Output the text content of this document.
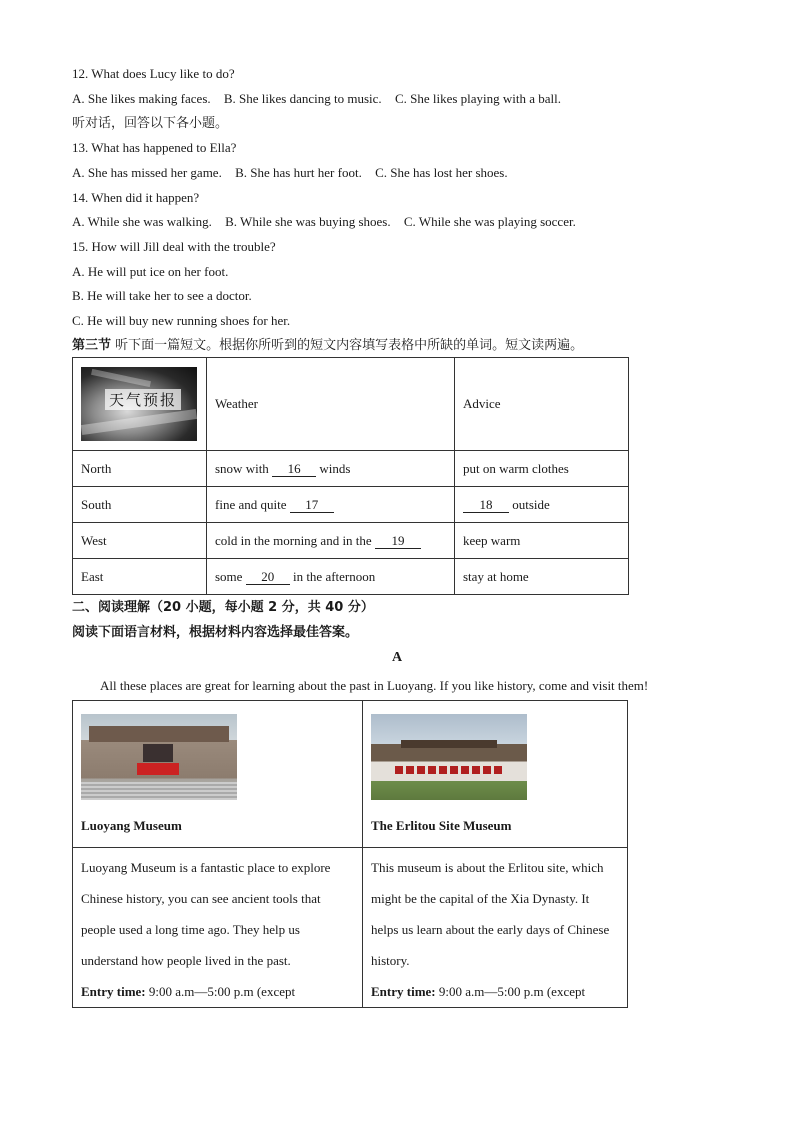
12. What does Lucy like to do?
A. She likes making faces. B. She likes dancing to music. C. She likes playing with a ball.
听对话，回答以下各小题。
13. What has happened to Ella?
A. She has missed her game. B. She has hurt her foot. C. She has lost her shoes.
14. When did it happen?
A. While she was walking. B. While she was buying shoes. C. While she was playing soccer.
15. How will Jill deal with the trouble?
A. He will put ice on her foot.
B. He will take her to see a doctor.
C. He will buy new running shoes for her.
第三节 听下面一篇短文。根据你所听到的短文内容填写表格中所缺的单词。短文读两遍。
天气预报	Weather	Advice
North	snow with 16 winds	put on warm clothes
South	fine and quite 17	18 outside
West	cold in the morning and in the 19	keep warm
East	some 20 in the afternoon	stay at home
二、阅读理解（20 小题，每小题 2 分，共 40 分）
阅读下面语言材料，根据材料内容选择最佳答案。
A
All these places are great for learning about the past in Luoyang. If you like history, come and visit them!
Luoyang Museum	The Erlitou Site Museum

Luoyang Museum is a fantastic place to explore Chinese history, you can see ancient tools that people used a long time ago. They help us understand how people lived in the past.
Entry time: 9:00 a.m—5:00 p.m (except	This museum is about the Erlitou site, which might be the capital of the Xia Dynasty. It helps us learn about the early days of Chinese history.
Entry time: 9:00 a.m—5:00 p.m (except
